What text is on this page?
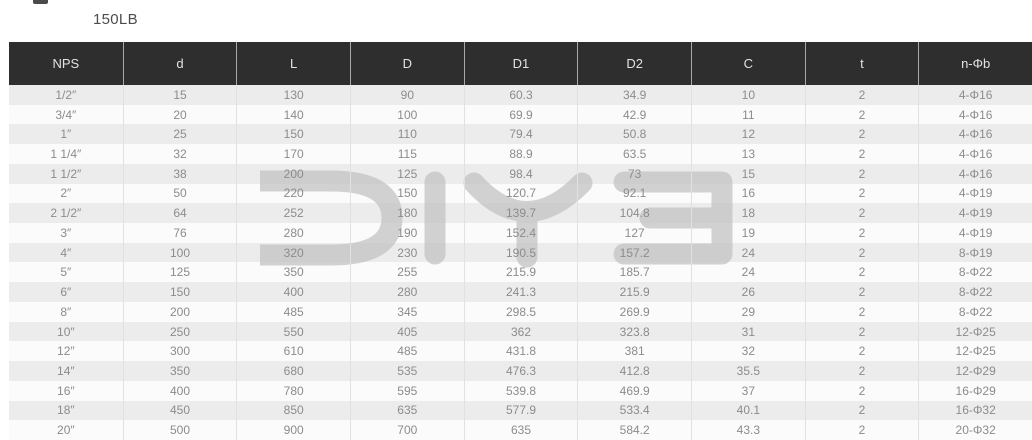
150LB
NPS	d	L	D	D1	D2	C	t	n-Φb
1/2″	15	130	90	60.3	34.9	10	2	4-Φ16
3/4″	20	140	100	69.9	42.9	11	2	4-Φ16
1″	25	150	110	79.4	50.8	12	2	4-Φ16
1 1/4″	32	170	115	88.9	63.5	13	2	4-Φ16
1 1/2″	38	200	125	98.4	73	15	2	4-Φ16
2″	50	220	150	120.7	92.1	16	2	4-Φ19
2 1/2″	64	252	180	139.7	104.8	18	2	4-Φ19
3″	76	280	190	152.4	127	19	2	4-Φ19
4″	100	320	230	190.5	157.2	24	2	8-Φ19
5″	125	350	255	215.9	185.7	24	2	8-Φ22
6″	150	400	280	241.3	215.9	26	2	8-Φ22
8″	200	485	345	298.5	269.9	29	2	8-Φ22
10″	250	550	405	362	323.8	31	2	12-Φ25
12″	300	610	485	431.8	381	32	2	12-Φ25
14″	350	680	535	476.3	412.8	35.5	2	12-Φ29
16″	400	780	595	539.8	469.9	37	2	16-Φ29
18″	450	850	635	577.9	533.4	40.1	2	16-Φ32
20″	500	900	700	635	584.2	43.3	2	20-Φ32
